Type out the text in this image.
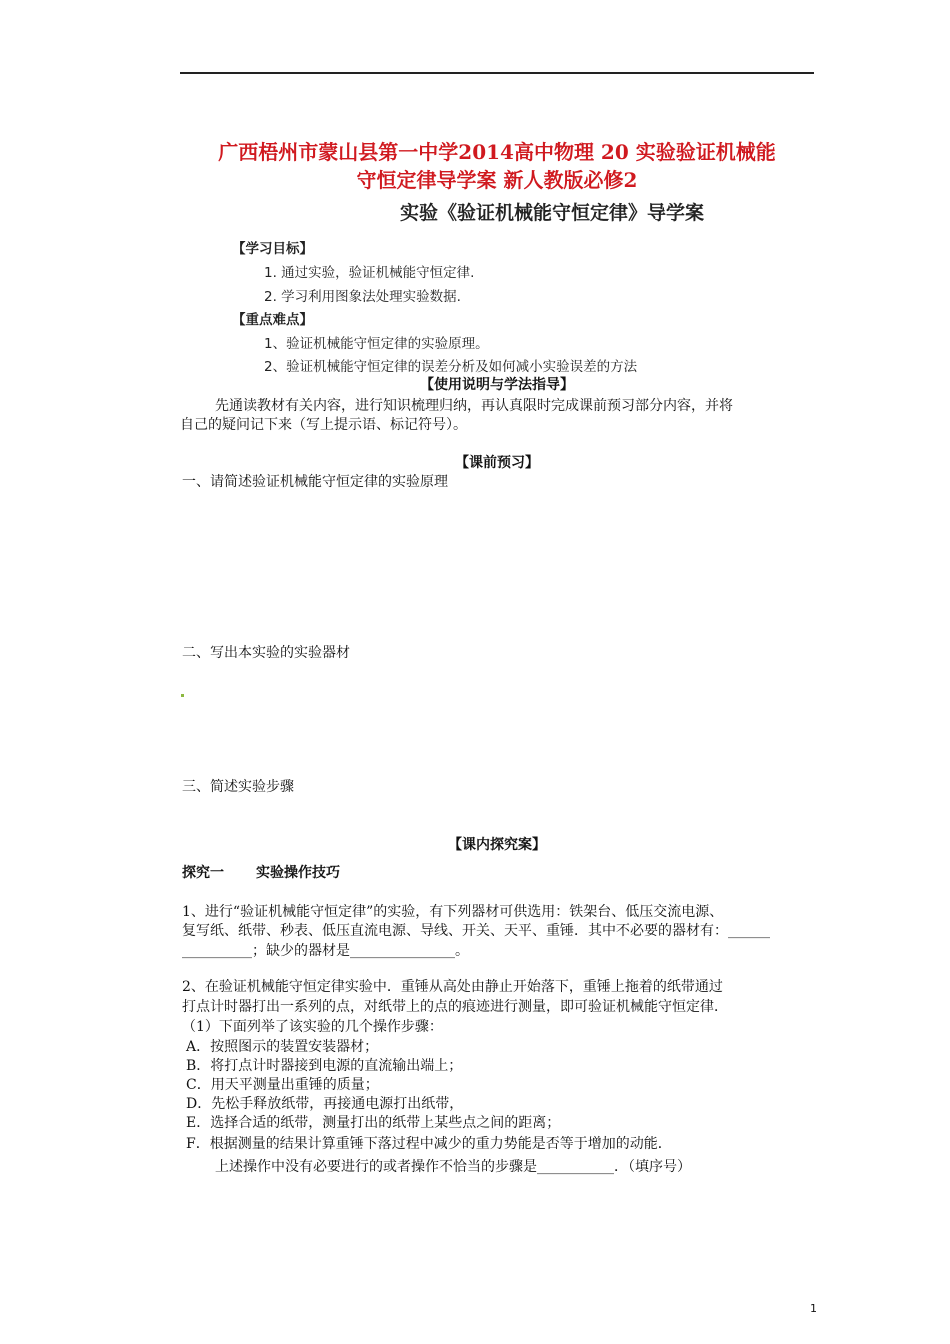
广西梧州市蒙山县第一中学2014高中物理 20 实验验证机械能
守恒定律导学案 新人教版必修2
实验《验证机械能守恒定律》导学案
【学习目标】
1. 通过实验，验证机械能守恒定律.
2. 学习利用图象法处理实验数据.
【重点难点】
1、验证机械能守恒定律的实验原理。
2、验证机械能守恒定律的误差分析及如何减小实验误差的方法
【使用说明与学法指导】
先通读教材有关内容，进行知识梳理归纳，再认真限时完成课前预习部分内容，并将
自己的疑问记下来（写上提示语、标记符号）。
【课前预习】
一、请简述验证机械能守恒定律的实验原理
二、写出本实验的实验器材
三、简述实验步骤
【课内探究案】
探究一 实验操作技巧
1、进行“验证机械能守恒定律”的实验，有下列器材可供选用：铁架台、低压交流电源、
复写纸、纸带、秒表、低压直流电源、导线、开关、天平、重锤．其中不必要的器材有：______
__________；缺少的器材是_______________。
2、在验证机械能守恒定律实验中．重锤从高处由静止开始落下，重锤上拖着的纸带通过
打点计时器打出一系列的点，对纸带上的点的痕迹进行测量，即可验证机械能守恒定律．
（1）下面列举了该实验的几个操作步骤：
A．按照图示的装置安装器材；
B．将打点计时器接到电源的直流输出端上；
C．用天平测量出重锤的质量；
D．先松手释放纸带，再接通电源打出纸带，
E．选择合适的纸带，测量打出的纸带上某些点之间的距离；
F．根据测量的结果计算重锤下落过程中减少的重力势能是否等于增加的动能．
上述操作中没有必要进行的或者操作不恰当的步骤是___________．（填序号）
1
